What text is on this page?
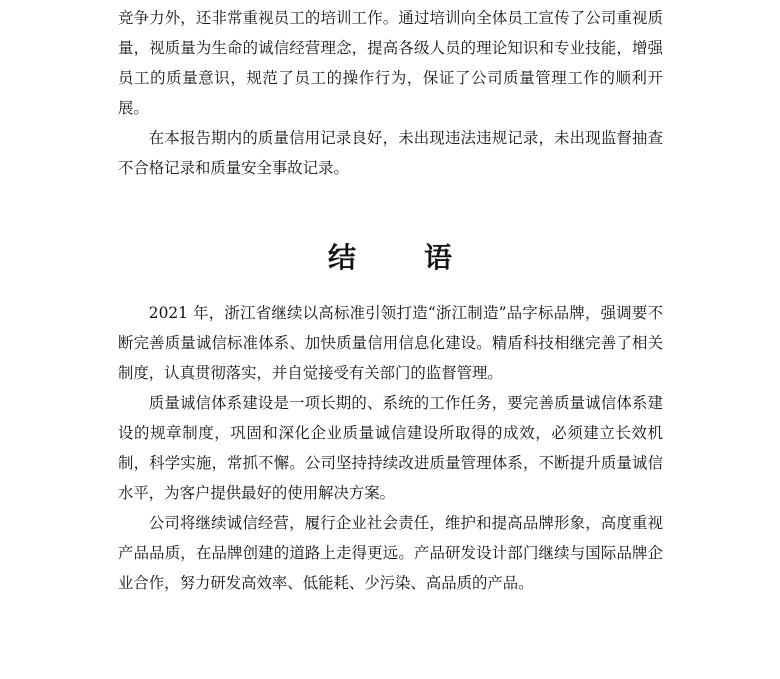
竞争力外，还非常重视员工的培训工作。通过培训向全体员工宣传了公司重视质量，视质量为生命的诚信经营理念，提高各级人员的理论知识和专业技能，增强员工的质量意识，规范了员工的操作行为，保证了公司质量管理工作的顺利开展。

在本报告期内的质量信用记录良好，未出现违法违规记录，未出现监督抽查不合格记录和质量安全事故记录。

结语

2021 年，浙江省继续以高标准引领打造“浙江制造”品字标品牌，强调要不断完善质量诚信标准体系、加快质量信用信息化建设。精盾科技相继完善了相关制度，认真贯彻落实，并自觉接受有关部门的监督管理。

质量诚信体系建设是一项长期的、系统的工作任务，要完善质量诚信体系建设的规章制度，巩固和深化企业质量诚信建设所取得的成效，必须建立长效机制，科学实施，常抓不懈。公司坚持持续改进质量管理体系，不断提升质量诚信水平，为客户提供最好的使用解决方案。

公司将继续诚信经营，履行企业社会责任，维护和提高品牌形象，高度重视产品品质，在品牌创建的道路上走得更远。产品研发设计部门继续与国际品牌企业合作，努力研发高效率、低能耗、少污染、高品质的产品。
